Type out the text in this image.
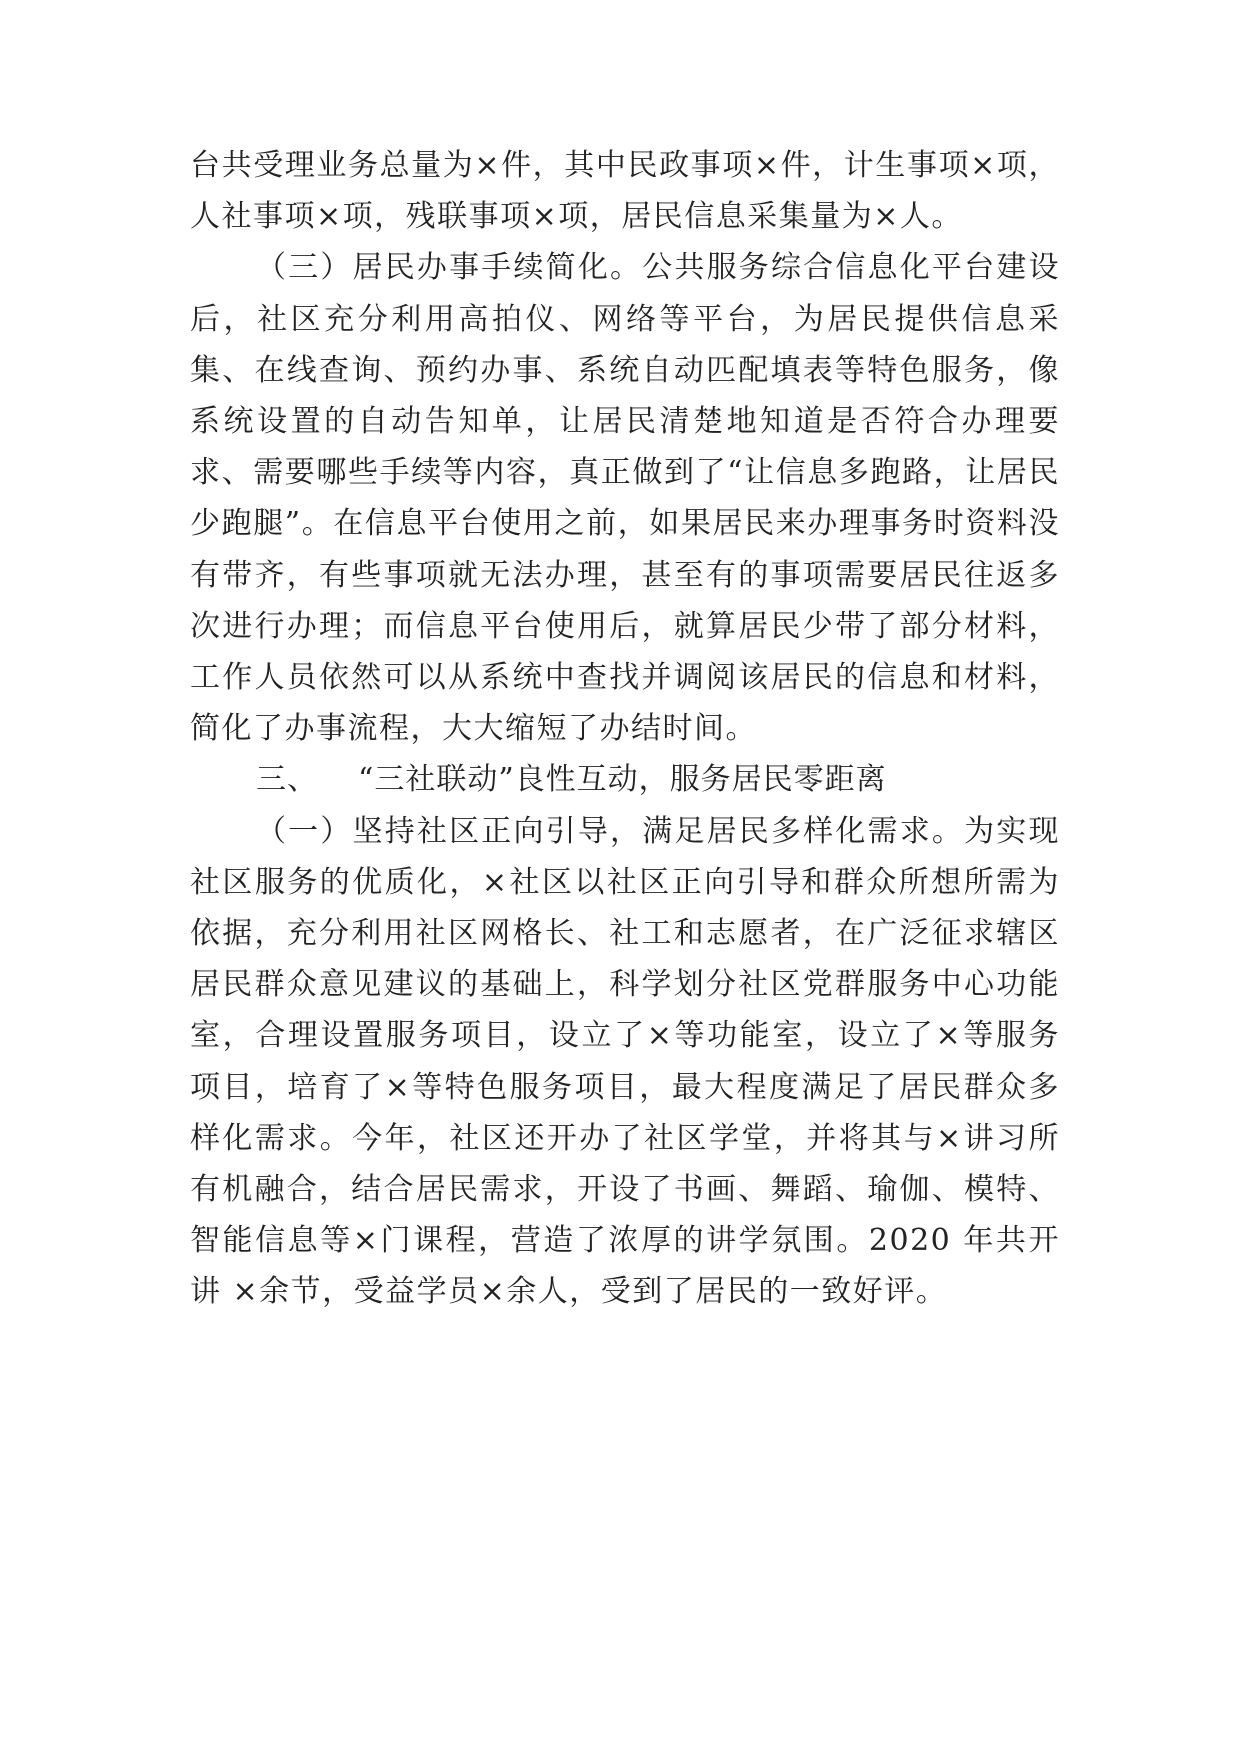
台共受理业务总量为×件，其中民政事项×件，计生事项×项，人社事项×项，残联事项×项，居民信息采集量为×人。

（三）居民办事手续简化。公共服务综合信息化平台建设后，社区充分利用高拍仪、网络等平台，为居民提供信息采集、在线查询、预约办事、系统自动匹配填表等特色服务，像系统设置的自动告知单，让居民清楚地知道是否符合办理要求、需要哪些手续等内容，真正做到了“让信息多跑路，让居民少跑腿”。在信息平台使用之前，如果居民来办理事务时资料没有带齐，有些事项就无法办理，甚至有的事项需要居民往返多次进行办理；而信息平台使用后，就算居民少带了部分材料，工作人员依然可以从系统中查找并调阅该居民的信息和材料，简化了办事流程，大大缩短了办结时间。

三、 “三社联动”良性互动，服务居民零距离

（一）坚持社区正向引导，满足居民多样化需求。为实现社区服务的优质化，×社区以社区正向引导和群众所想所需为依据，充分利用社区网格长、社工和志愿者，在广泛征求辖区居民群众意见建议的基础上，科学划分社区党群服务中心功能室，合理设置服务项目，设立了×等功能室，设立了×等服务项目，培育了×等特色服务项目，最大程度满足了居民群众多样化需求。今年，社区还开办了社区学堂，并将其与×讲习所有机融合，结合居民需求，开设了书画、舞蹈、瑜伽、模特、智能信息等×门课程，营造了浓厚的讲学氛围。2020 年共开讲 ×余节，受益学员×余人，受到了居民的一致好评。
